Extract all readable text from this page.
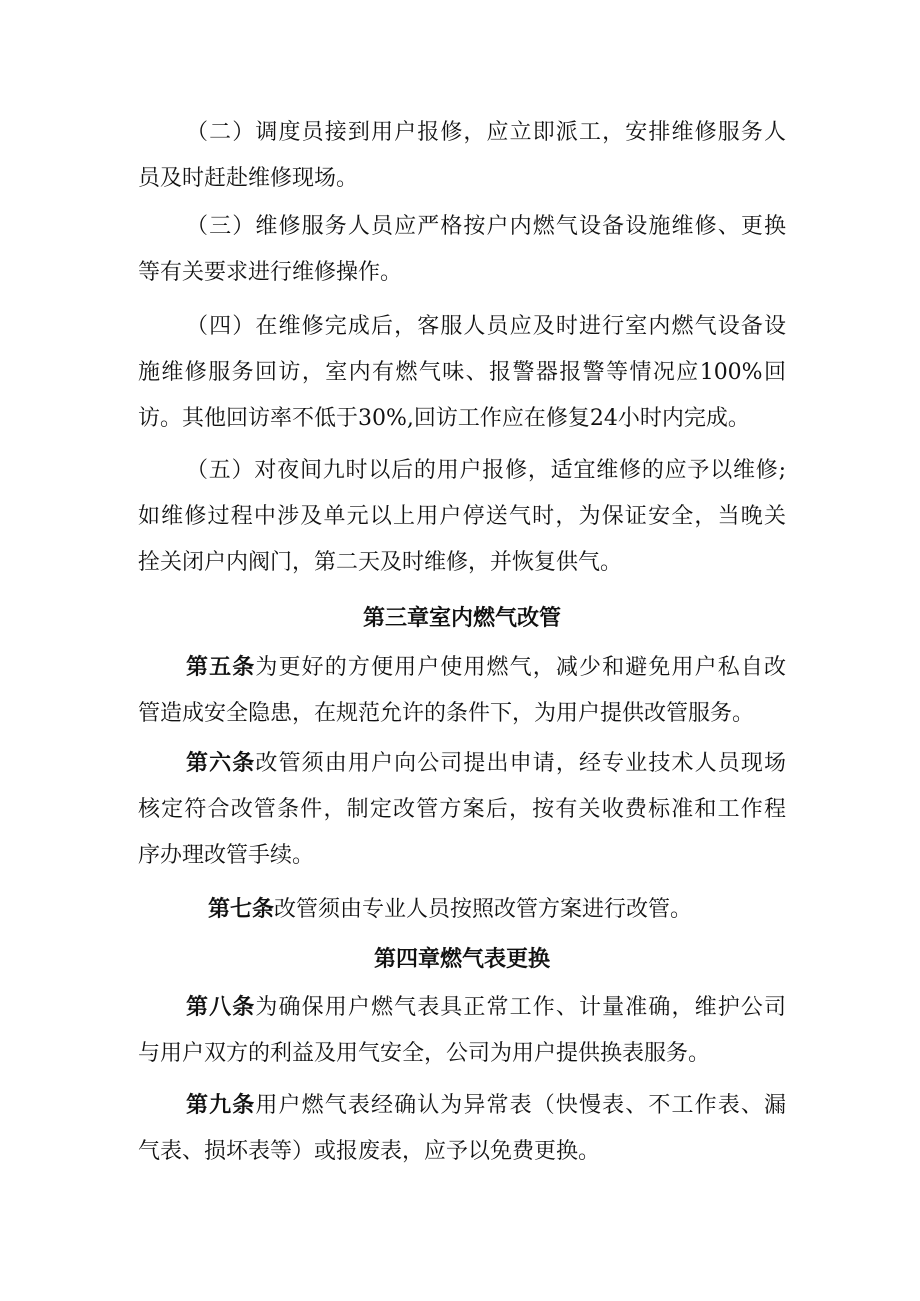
（二）调度员接到用户报修，应立即派工，安排维修服务人
员及时赶赴维修现场。
（三）维修服务人员应严格按户内燃气设备设施维修、更换
等有关要求进行维修操作。
（四）在维修完成后，客服人员应及时进行室内燃气设备设
施维修服务回访，室内有燃气味、报警器报警等情况应100%回
访。其他回访率不低于30%,回访工作应在修复24小时内完成。
（五）对夜间九时以后的用户报修，适宜维修的应予以维修;
如维修过程中涉及单元以上用户停送气时，为保证安全，当晚关
拴关闭户内阀门，第二天及时维修，并恢复供气。
第三章室内燃气改管
第五条为更好的方便用户使用燃气，减少和避免用户私自改
管造成安全隐患，在规范允许的条件下，为用户提供改管服务。
第六条改管须由用户向公司提出申请，经专业技术人员现场
核定符合改管条件，制定改管方案后，按有关收费标准和工作程
序办理改管手续。
第七条改管须由专业人员按照改管方案进行改管。
第四章燃气表更换
第八条为确保用户燃气表具正常工作、计量准确，维护公司
与用户双方的利益及用气安全，公司为用户提供换表服务。
第九条用户燃气表经确认为异常表（快慢表、不工作表、漏
气表、损坏表等）或报废表，应予以免费更换。
